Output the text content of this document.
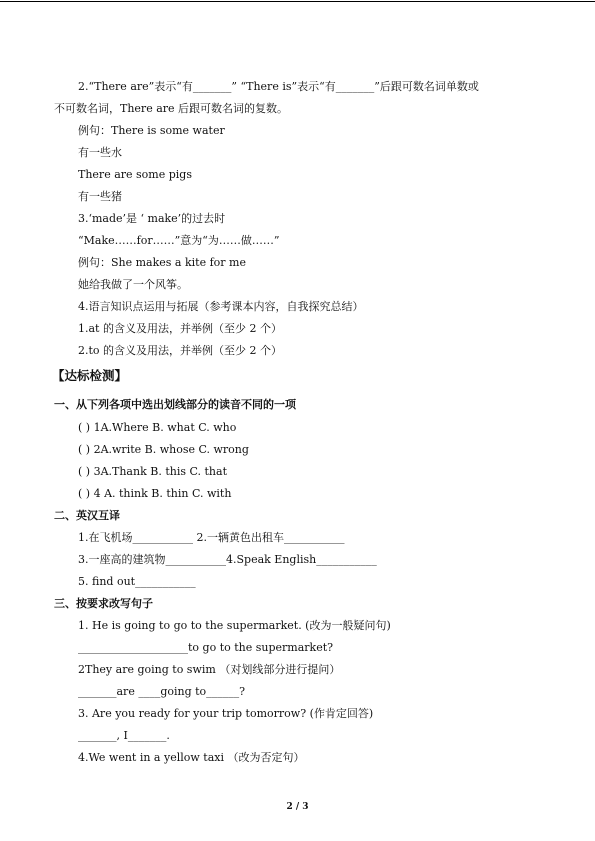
2.“There are”表示“有_______” “There is”表示“有_______”后跟可数名词单数或
不可数名词，There are 后跟可数名词的复数。
例句：There is some water
有一些水
There are some pigs
有一些猪
3.‘made’是 ‘ make’的过去时
“Make……for……”意为“为……做……”
例句：She makes a kite for me
她给我做了一个风筝。
4.语言知识点运用与拓展（参考课本内容，自我探究总结）
1.at 的含义及用法，并举例（至少 2 个）
2.to 的含义及用法，并举例（至少 2 个）
【达标检测】
一、从下列各项中选出划线部分的读音不同的一项
( ) 1A.Where B. what C. who
( ) 2A.write B. whose C. wrong
( ) 3A.Thank B. this C. that
( ) 4 A. think B. thin C. with
二、英汉互译
1.在飞机场___________ 2.一辆黄色出租车___________
3.一座高的建筑物___________4.Speak English___________
5. find out___________
三、按要求改写句子
1. He is going to go to the supermarket. (改为一般疑问句)
____________________to go to the supermarket?
2They are going to swim （对划线部分进行提问）
_______are ____going to______?
3. Are you ready for your trip tomorrow? (作肯定回答)
_______, I_______.
4.We went in a yellow taxi （改为否定句）
2 / 3
